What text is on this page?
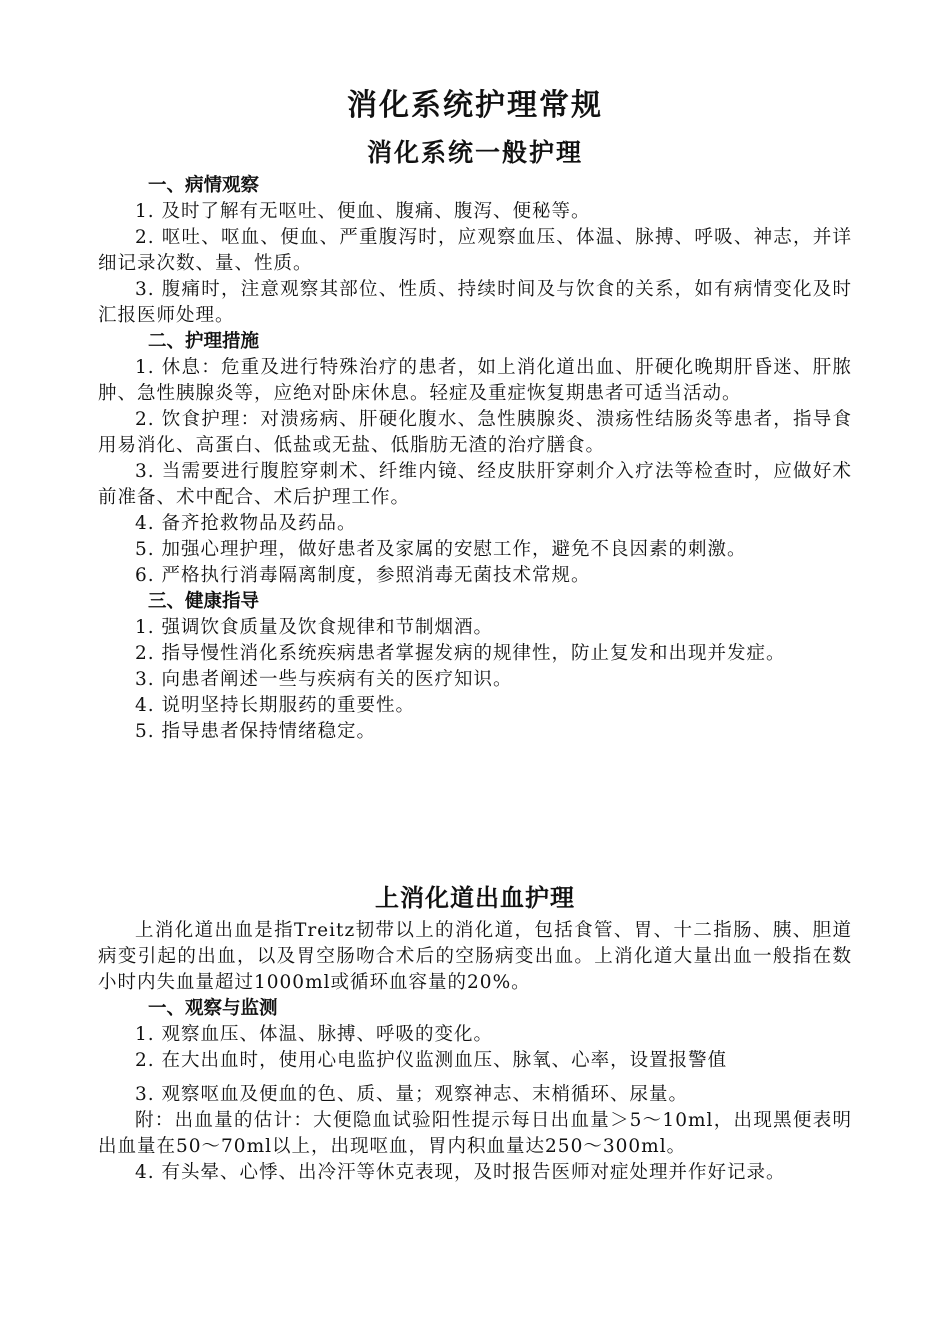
消化系统护理常规
消化系统一般护理

一、病情观察

1. 及时了解有无呕吐、便血、腹痛、腹泻、便秘等。

2. 呕吐、呕血、便血、严重腹泻时，应观察血压、体温、脉搏、呼吸、神志，并详细记录次数、量、性质。

3. 腹痛时，注意观察其部位、性质、持续时间及与饮食的关系，如有病情变化及时汇报医师处理。

二、护理措施

1. 休息：危重及进行特殊治疗的患者，如上消化道出血、肝硬化晚期肝昏迷、肝脓肿、急性胰腺炎等，应绝对卧床休息。轻症及重症恢复期患者可适当活动。

2. 饮食护理：对溃疡病、肝硬化腹水、急性胰腺炎、溃疡性结肠炎等患者，指导食用易消化、高蛋白、低盐或无盐、低脂肪无渣的治疗膳食。

3. 当需要进行腹腔穿刺术、纤维内镜、经皮肤肝穿刺介入疗法等检查时，应做好术前准备、术中配合、术后护理工作。

4. 备齐抢救物品及药品。

5. 加强心理护理，做好患者及家属的安慰工作，避免不良因素的刺激。

6. 严格执行消毒隔离制度，参照消毒无菌技术常规。

三、健康指导

1. 强调饮食质量及饮食规律和节制烟酒。

2. 指导慢性消化系统疾病患者掌握发病的规律性，防止复发和出现并发症。

3. 向患者阐述一些与疾病有关的医疗知识。

4. 说明坚持长期服药的重要性。

5. 指导患者保持情绪稳定。

上消化道出血护理

上消化道出血是指Treitz韧带以上的消化道，包括食管、胃、十二指肠、胰、胆道病变引起的出血，以及胃空肠吻合术后的空肠病变出血。上消化道大量出血一般指在数小时内失血量超过1000ml或循环血容量的20%。

一、观察与监测

1. 观察血压、体温、脉搏、呼吸的变化。

2. 在大出血时，使用心电监护仪监测血压、脉氧、心率，设置报警值

3. 观察呕血及便血的色、质、量；观察神志、末梢循环、尿量。

附：出血量的估计：大便隐血试验阳性提示每日出血量＞5～10ml，出现黑便表明出血量在50～70ml以上，出现呕血，胃内积血量达250～300ml。

4. 有头晕、心悸、出冷汗等休克表现，及时报告医师对症处理并作好记录。
